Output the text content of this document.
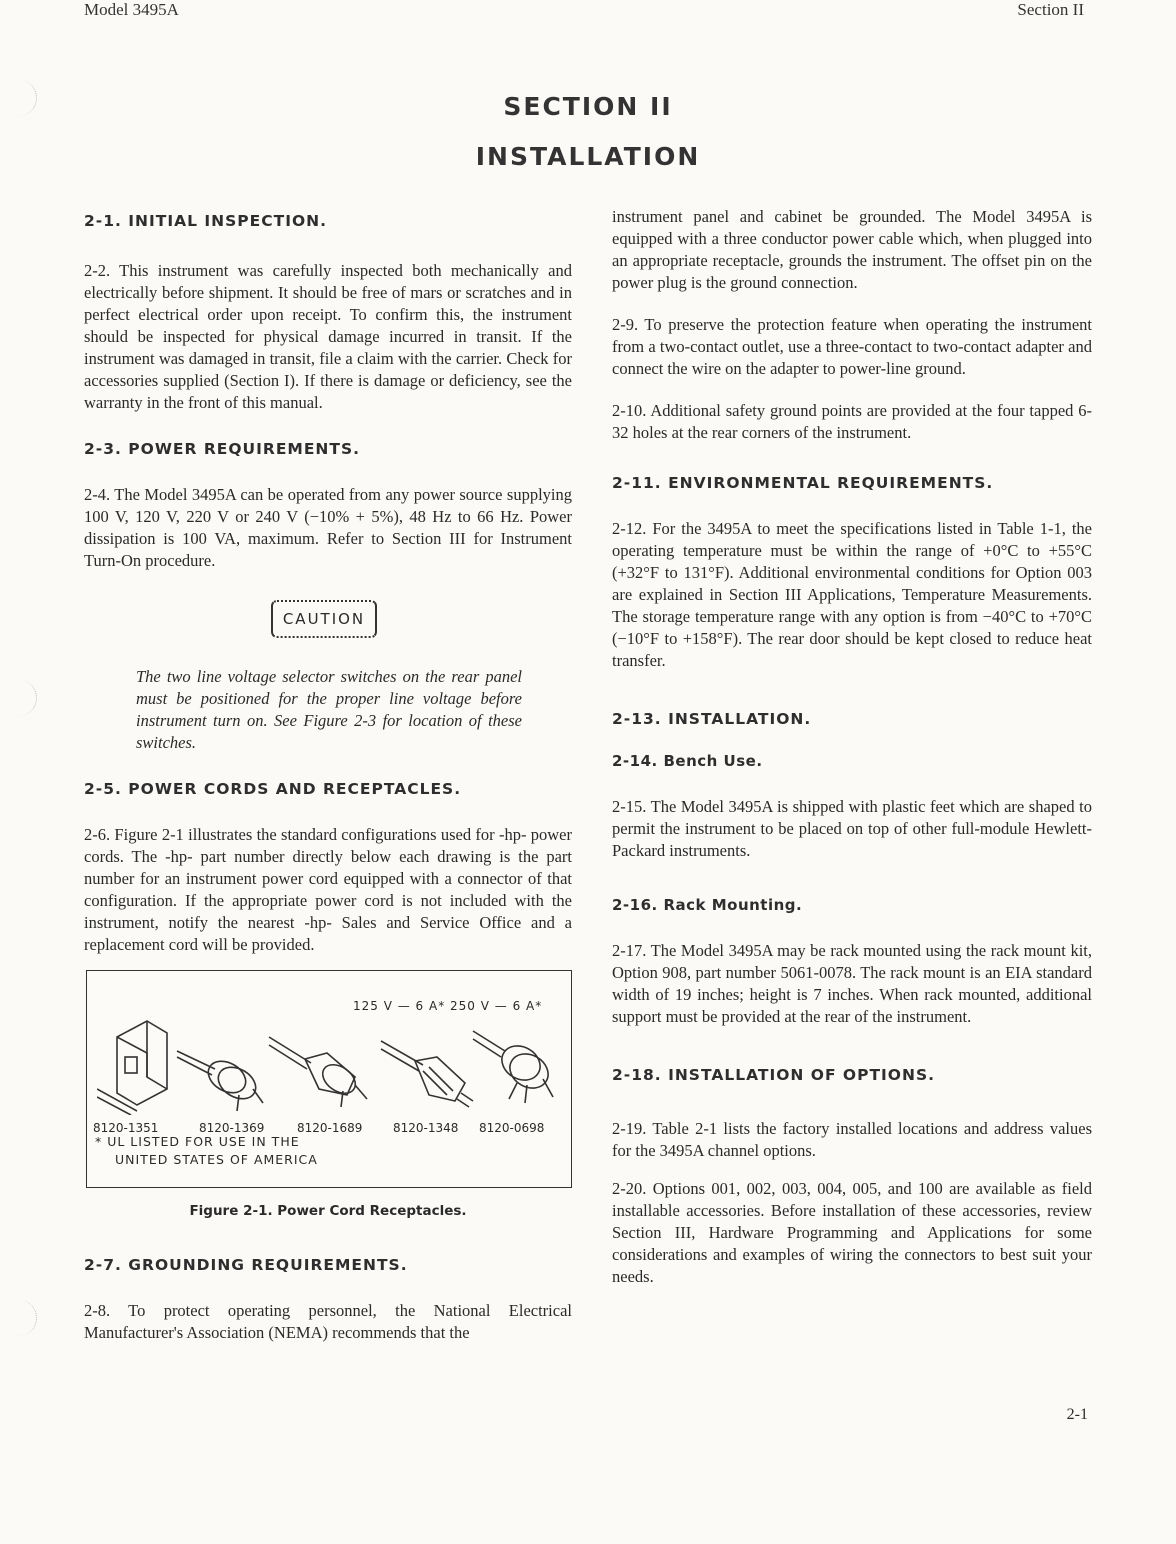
Model 3495A	Section II
SECTION II
INSTALLATION
2-1. INITIAL INSPECTION.

2-2. This instrument was carefully inspected both mechanically and electrically before shipment. It should be free of mars or scratches and in perfect electrical order upon receipt. To confirm this, the instrument should be inspected for physical damage incurred in transit. If the instrument was damaged in transit, file a claim with the carrier. Check for accessories supplied (Section I). If there is damage or deficiency, see the warranty in the front of this manual.

2-3. POWER REQUIREMENTS.

2-4. The Model 3495A can be operated from any power source supplying 100 V, 120 V, 220 V or 240 V (−10% + 5%), 48 Hz to 66 Hz. Power dissipation is 100 VA, maximum. Refer to Section III for Instrument Turn-On procedure.

CAUTION

The two line voltage selector switches on the rear panel must be positioned for the proper line voltage before instrument turn on. See Figure 2-3 for location of these switches.

2-5. POWER CORDS AND RECEPTACLES.

2-6. Figure 2-1 illustrates the standard configurations used for -hp- power cords. The -hp- part number directly below each drawing is the part number for an instrument power cord equipped with a connector of that configuration. If the appropriate power cord is not included with the instrument, notify the nearest -hp- Sales and Service Office and a replacement cord will be provided.

125 V — 6 A* 250 V — 6 A*
8120-1351	8120-1369	8120-1689	8120-1348 8120-0698
* UL LISTED FOR USE IN THE
UNITED STATES OF AMERICA
Figure 2-1. Power Cord Receptacles.
2-7. GROUNDING REQUIREMENTS.

2-8. To protect operating personnel, the National Electrical Manufacturer's Association (NEMA) recommends that the

instrument panel and cabinet be grounded. The Model 3495A is equipped with a three conductor power cable which, when plugged into an appropriate receptacle, grounds the instrument. The offset pin on the power plug is the ground connection.

2-9. To preserve the protection feature when operating the instrument from a two-contact outlet, use a three-contact to two-contact adapter and connect the wire on the adapter to power-line ground.

2-10. Additional safety ground points are provided at the four tapped 6-32 holes at the rear corners of the instrument.

2-11. ENVIRONMENTAL REQUIREMENTS.

2-12. For the 3495A to meet the specifications listed in Table 1-1, the operating temperature must be within the range of +0°C to +55°C (+32°F to 131°F). Additional environmental conditions for Option 003 are explained in Section III Applications, Temperature Measurements. The storage temperature range with any option is from −40°C to +70°C (−10°F to +158°F). The rear door should be kept closed to reduce heat transfer.

2-13. INSTALLATION.
2-14. Bench Use.

2-15. The Model 3495A is shipped with plastic feet which are shaped to permit the instrument to be placed on top of other full-module Hewlett-Packard instruments.

2-16. Rack Mounting.

2-17. The Model 3495A may be rack mounted using the rack mount kit, Option 908, part number 5061-0078. The rack mount is an EIA standard width of 19 inches; height is 7 inches. When rack mounted, additional support must be provided at the rear of the instrument.

2-18. INSTALLATION OF OPTIONS.

2-19. Table 2-1 lists the factory installed locations and address values for the 3495A channel options.

2-20. Options 001, 002, 003, 004, 005, and 100 are available as field installable accessories. Before installation of these accessories, review Section III, Hardware Programming and Applications for some considerations and examples of wiring the connectors to best suit your needs.

2-1
